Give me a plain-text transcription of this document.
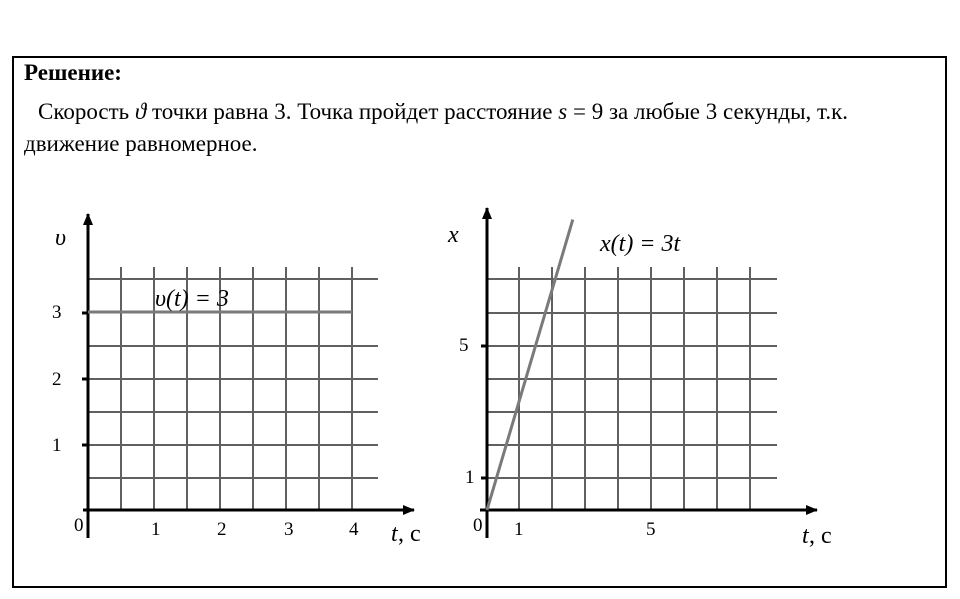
Решение:
Скорость ϑ точки равна 3. Точка пройдет расстояние s = 9 за любые 3 секунды, т.к. движение равномерное.
υ(t) = 3
υ
3
2
1
0	1	2	3	4 t , с
x(t) = 3t
x
5
1
0 1	5	t , с
